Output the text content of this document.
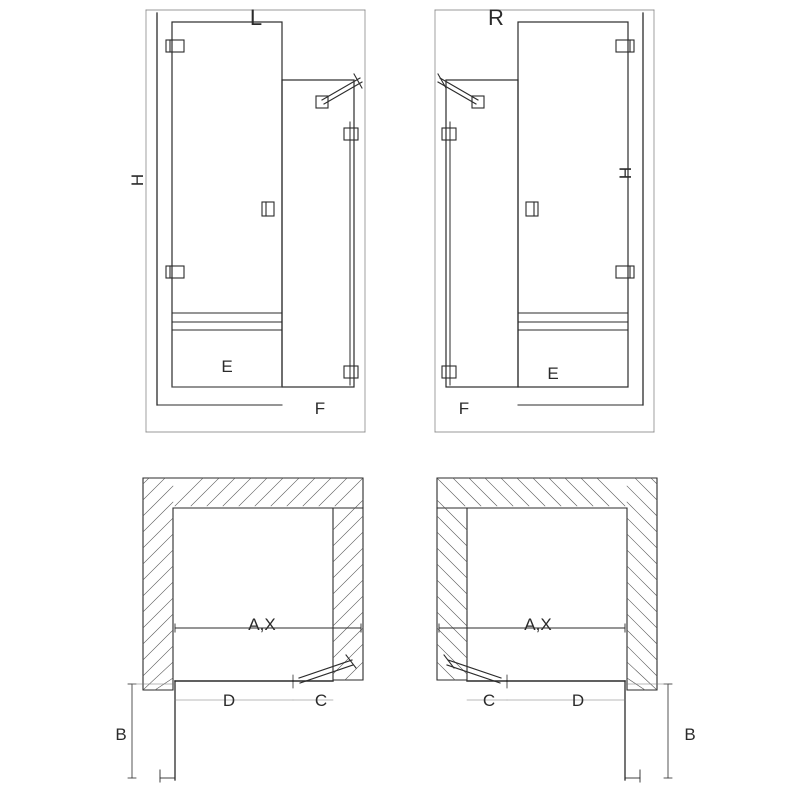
L	R
H
H
E
F
E
F
A,X
D	C
B
A,X
C	D
B
